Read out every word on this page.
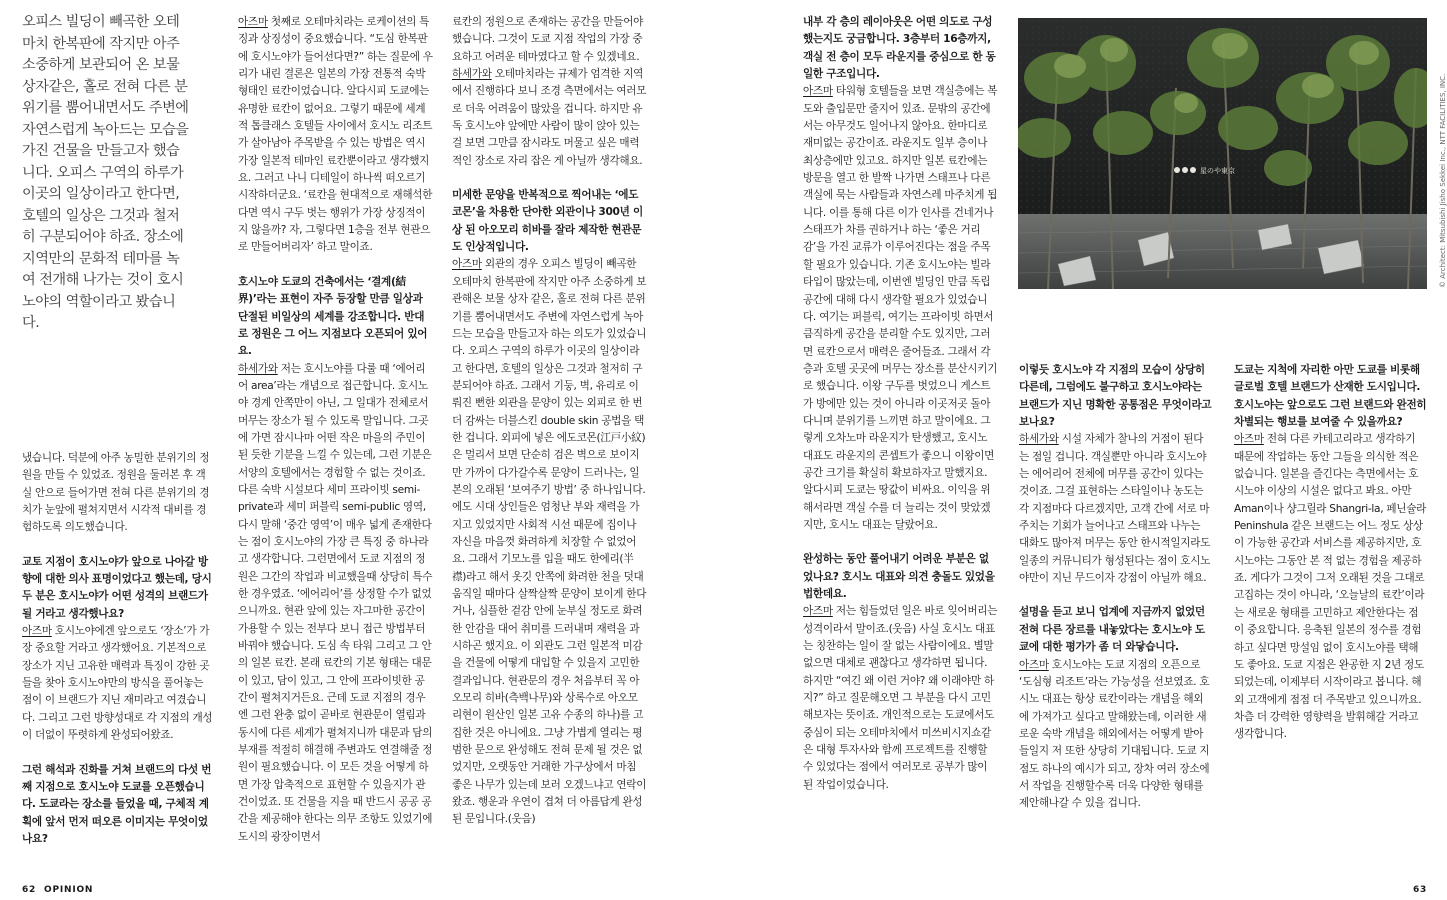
오피스 빌딩이 빼곡한 오테마치 한복판에 작지만 아주 소중하게 보관되어 온 보물 상자같은, 홀로 전혀 다른 분위기를 뿜어내면서도 주변에 자연스럽게 녹아드는 모습을 가진 건물을 만들고자 했습니다. 오피스 구역의 하루가 이곳의 일상이라고 한다면, 호텔의 일상은 그것과 철저히 구분되어야 하죠. 장소에 지역만의 문화적 테마를 녹여 전개해 나가는 것이 호시노야의 역할이라고 봤습니다.

냈습니다. 덕분에 아주 농밀한 분위기의 정원을 만들 수 있었죠. 정원을 둘러본 후 객실 안으로 들어가면 전혀 다른 분위기의 경치가 눈앞에 펼쳐지면서 시각적 대비를 경험하도록 의도했습니다.

교토 지점이 호시노야가 앞으로 나아갈 방향에 대한 의사 표명이었다고 했는데, 당시 두 분은 호시노야가 어떤 성격의 브랜드가 될 거라고 생각했나요?

아즈마 호시노야에겐 앞으로도 ‘장소’가 가장 중요할 거라고 생각했어요. 기본적으로 장소가 지닌 고유한 매력과 특징이 강한 곳들을 찾아 호시노야만의 방식을 풀어놓는 점이 이 브랜드가 지닌 재미라고 여겼습니다. 그리고 그런 방향성대로 각 지점의 개성이 더없이 뚜렷하게 완성되어왔죠.

그런 해석과 진화를 거쳐 브랜드의 다섯 번째 지점으로 호시노야 도쿄를 오픈했습니다. 도쿄라는 장소를 들었을 때, 구체적 계획에 앞서 먼저 떠오른 이미지는 무엇이었나요?

아즈마 첫째로 오테마치라는 로케이션의 특징과 상징성이 중요했습니다. “도심 한복판에 호시노야가 들어선다면?” 하는 질문에 우리가 내린 결론은 일본의 가장 전통적 숙박 형태인 료칸이었습니다. 알다시피 도쿄에는 유명한 료칸이 없어요. 그렇기 때문에 세계적 톱클래스 호텔들 사이에서 호시노 리조트가 살아남아 주목받을 수 있는 방법은 역시 가장 일본적 테마인 료칸뿐이라고 생각했지요. 그러고 나니 디테일이 하나씩 떠오르기 시작하더군요. ‘료칸을 현대적으로 재해석한다면 역시 구두 벗는 행위가 가장 상징적이지 않을까? 자, 그렇다면 1층을 전부 현관으로 만들어버리자’ 하고 말이죠.

호시노야 도쿄의 건축에서는 ‘결계(結界)’라는 표현이 자주 등장할 만큼 일상과 단절된 비일상의 세계를 강조합니다. 반대로 정원은 그 어느 지점보다 오픈되어 있어요.

하세가와 저는 호시노야를 다룰 때 ‘에어리어 area’라는 개념으로 접근합니다. 호시노야 경계 안쪽만이 아닌, 그 일대가 전체로서 머무는 장소가 될 수 있도록 말입니다. 그곳에 가면 잠시나마 어떤 작은 마을의 주민이 된 듯한 기분을 느낄 수 있는데, 그런 기분은 서양의 호텔에서는 경험할 수 없는 것이죠. 다른 숙박 시설보다 세미 프라이빗 semi-private과 세미 퍼블릭 semi-public 영역, 다시 말해 ‘중간 영역’이 매우 넓게 존재한다는 점이 호시노야의 가장 큰 특징 중 하나라고 생각합니다. 그런면에서 도쿄 지점의 정원은 그간의 작업과 비교했을때 상당히 특수한 경우였죠. ‘에어리어’를 상정할 수가 없었으니까요. 현관 앞에 있는 자그마한 공간이 가용할 수 있는 전부다 보니 접근 방법부터 바꿔야 했습니다. 도심 속 타워 그리고 그 안의 일본 료칸. 본래 료칸의 기본 형태는 대문이 있고, 담이 있고, 그 안에 프라이빗한 공간이 펼쳐지거든요. 근데 도쿄 지점의 경우엔 그런 완충 없이 곧바로 현관문이 열림과 동시에 다른 세계가 펼쳐지니까 대문과 담의 부재를 적절히 해결해 주변과도 연결해줄 정원이 필요했습니다. 이 모든 것을 어떻게 하면 가장 압축적으로 표현할 수 있을지가 관건이었죠. 또 건물을 지을 때 반드시 공공 공간을 제공해야 한다는 의무 조항도 있었기에 도시의 광장이면서

료칸의 정원으로 존재하는 공간을 만들어야 했습니다. 그것이 도쿄 지점 작업의 가장 중요하고 어려운 테마였다고 할 수 있겠네요.

하세가와 오테마치라는 규제가 엄격한 지역에서 진행하다 보니 조경 측면에서는 여러모로 더욱 어려움이 많았을 겁니다. 하지만 유독 호시노야 앞에만 사람이 많이 앉아 있는 걸 보면 그만큼 잠시라도 머물고 싶은 매력적인 장소로 자리 잡은 게 아닐까 생각해요.

미세한 문양을 반복적으로 찍어내는 ‘에도코몬’을 차용한 단아한 외관이나 300년 이상 된 아오모리 히바를 잘라 제작한 현관문도 인상적입니다.

아즈마 외관의 경우 오피스 빌딩이 빼곡한 오테마치 한복판에 작지만 아주 소중하게 보관해온 보물 상자 같은, 홀로 전혀 다른 분위기를 뿜어내면서도 주변에 자연스럽게 녹아드는 모습을 만들고자 하는 의도가 있었습니다. 오피스 구역의 하루가 이곳의 일상이라고 한다면, 호텔의 일상은 그것과 철저히 구분되어야 하죠. 그래서 기둥, 벽, 유리로 이뤄진 뻔한 외관을 문양이 있는 외피로 한 번 더 감싸는 더블스킨 double skin 공법을 택한 겁니다. 외피에 넣은 에도코몬(江戸小紋)은 멀리서 보면 단순히 검은 벽으로 보이지만 가까이 다가갈수록 문양이 드러나는, 일본의 오래된 ‘보여주기 방법’ 중 하나입니다. 에도 시대 상인들은 엄청난 부와 재력을 가지고 있었지만 사회적 시선 때문에 집이나 자신을 마음껏 화려하게 치장할 수 없었어요. 그래서 기모노를 입을 때도 한에리(半襟)라고 해서 옷깃 안쪽에 화려한 천을 덧대 움직일 때마다 살짝살짝 문양이 보이게 한다거나, 심플한 겉감 안에 눈부실 정도로 화려한 안감을 대어 취미를 드러내며 재력을 과시하곤 했지요. 이 외관도 그런 일본적 미감을 건물에 어떻게 대입할 수 있을지 고민한 결과입니다. 현관문의 경우 처음부터 꼭 아오모리 히바(측백나무)와 상록수로 아오모리현이 원산인 일본 고유 수종의 하나)를 고집한 것은 아니에요. 그냥 가볍게 열리는 평범한 문으로 완성해도 전혀 문제 될 것은 없었지만, 오랫동안 거래한 가구상에서 마침 좋은 나무가 있는데 보러 오겠느냐고 연락이 왔죠. 행운과 우연이 겹쳐 더 아름답게 완성된 문입니다.(웃음)

내부 각 층의 레이아웃은 어떤 의도로 구성했는지도 궁금합니다. 3층부터 16층까지, 객실 전 층이 모두 라운지를 중심으로 한 동일한 구조입니다.

아즈마 타워형 호텔들을 보면 객실층에는 복도와 출입문만 줄지어 있죠. 문밖의 공간에서는 아무것도 일어나지 않아요. 한마디로 재미없는 공간이죠. 라운지도 일부 층이나 최상층에만 있고요. 하지만 일본 료칸에는 방문을 열고 한 발짝 나가면 스태프나 다른 객실에 묵는 사람들과 자연스레 마주치게 됩니다. 이를 통해 다른 이가 인사를 건네거나 스태프가 차를 권하거나 하는 ‘좋은 거리감’을 가진 교류가 이루어진다는 점을 주목할 필요가 있습니다. 기존 호시노야는 빌라 타입이 많았는데, 이번엔 빌딩인 만큼 독립 공간에 대해 다시 생각할 필요가 있었습니다. 여기는 퍼블릭, 여기는 프라이빗 하면서 큼직하게 공간을 분리할 수도 있지만, 그러면 료칸으로서 매력은 줄어들죠. 그래서 각 층과 호텔 곳곳에 머무는 장소를 분산시키기로 했습니다. 이왕 구두를 벗었으니 게스트가 방에만 있는 것이 아니라 이곳저곳 돌아다니며 분위기를 느끼면 하고 말이에요. 그렇게 오차노마 라운지가 탄생했고, 호시노 대표도 라운지의 콘셉트가 좋으니 이왕이면 공간 크기를 확실히 확보하자고 말했지요. 알다시피 도쿄는 땅값이 비싸요. 이익을 위해서라면 객실 수를 더 늘리는 것이 맞았겠지만, 호시노 대표는 달랐어요.

완성하는 동안 풀어내기 어려운 부분은 없었나요? 호시노 대표와 의견 충돌도 있었을 법한데요.

아즈마 저는 힘들었던 일은 바로 잊어버리는 성격이라서 말이죠.(웃음) 사실 호시노 대표는 칭찬하는 일이 잘 없는 사람이에요. 별말 없으면 대체로 괜찮다고 생각하면 됩니다. 하지만 “여긴 왜 이런 거야? 왜 이래야만 하지?” 하고 질문해오면 그 부분을 다시 고민해보자는 뜻이죠. 개인적으로는 도쿄에서도 중심이 되는 오테마치에서 미쓰비시지쇼같은 대형 투자사와 함께 프로젝트를 진행할 수 있었다는 점에서 여러모로 공부가 많이 된 작업이었습니다.

이렇듯 호시노야 각 지점의 모습이 상당히 다른데, 그럼에도 불구하고 호시노야라는 브랜드가 지닌 명확한 공통점은 무엇이라고 보나요?

하세가와 시설 자체가 찰나의 거점이 된다는 점일 겁니다. 객실뿐만 아니라 호시노야는 에어리어 전체에 머무를 공간이 있다는 것이죠. 그걸 표현하는 스타일이나 농도는 각 지점마다 다르겠지만, 고객 간에 서로 마주치는 기회가 늘어나고 스태프와 나누는 대화도 많아져 머무는 동안 한시적일지라도 일종의 커뮤니티가 형성된다는 점이 호시노야만이 지닌 무드이자 강점이 아닐까 해요.

설명을 듣고 보니 업계에 지금까지 없었던 전혀 다른 장르를 내놓았다는 호시노야 도쿄에 대한 평가가 좀 더 와닿습니다.

아즈마 호시노야는 도쿄 지점의 오픈으로 ‘도심형 리조트’라는 가능성을 선보였죠. 호시노 대표는 항상 료칸이라는 개념을 해외에 가져가고 싶다고 말해왔는데, 이러한 새로운 숙박 개념을 해외에서는 어떻게 받아들일지 저 또한 상당히 기대됩니다. 도쿄 지점도 하나의 예시가 되고, 장차 여러 장소에서 작업을 진행할수록 더욱 다양한 형태를 제안해나갈 수 있을 겁니다.

도쿄는 지척에 자리한 아만 도쿄를 비롯해 글로벌 호텔 브랜드가 산재한 도시입니다. 호시노야는 앞으로도 그런 브랜드와 완전히 차별되는 행보를 보여줄 수 있을까요?

아즈마 전혀 다른 카테고리라고 생각하기 때문에 작업하는 동안 그들을 의식한 적은 없습니다. 일본을 즐긴다는 측면에서는 호시노야 이상의 시설은 없다고 봐요. 아만 Aman이나 샹그릴라 Shangri-la, 페닌슐라 Peninshula 같은 브랜드는 어느 정도 상상이 가능한 공간과 서비스를 제공하지만, 호시노야는 그동안 본 적 없는 경험을 제공하죠. 게다가 그것이 그저 오래된 것을 그대로 고집하는 것이 아니라, ‘오늘날의 료칸’이라는 새로운 형태를 고민하고 제안한다는 점이 중요합니다. 응축된 일본의 정수를 경험하고 싶다면 망설임 없이 호시노야를 택해도 좋아요. 도쿄 지점은 완공한 지 2년 정도 되었는데, 이제부터 시작이라고 봅니다. 해외 고객에게 점점 더 주목받고 있으니까요. 차츰 더 강력한 영향력을 발휘해갈 거라고 생각합니다.

星のや東京	© Architect: Mitsubishi Jisho Sekkei Inc., NTT FACILITIES, INC.
62 OPINION	63
